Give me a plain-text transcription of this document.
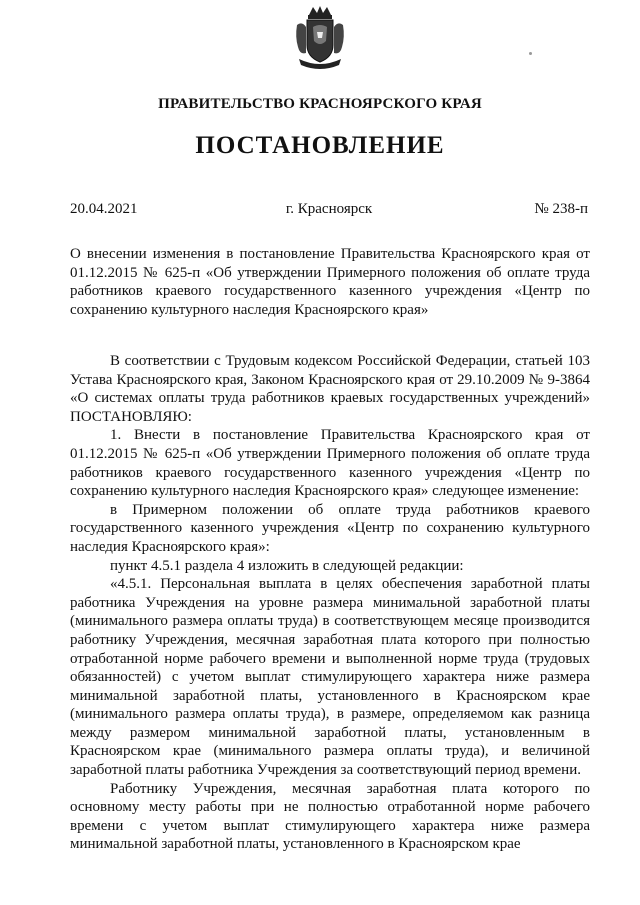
ПРАВИТЕЛЬСТВО КРАСНОЯРСКОГО КРАЯ
ПОСТАНОВЛЕНИЕ
20.04.2021	г. Красноярск	№ 238-п
О внесении изменения в постановление Правительства Красноярского края от 01.12.2015 № 625-п «Об утверждении Примерного положения об оплате труда работников краевого государственного казенного учреждения «Центр по сохранению культурного наследия Красноярского края»

В соответствии с Трудовым кодексом Российской Федерации, статьей 103 Устава Красноярского края, Законом Красноярского края от 29.10.2009 № 9-3864 «О системах оплаты труда работников краевых государственных учреждений» ПОСТАНОВЛЯЮ:

1. Внести в постановление Правительства Красноярского края от 01.12.2015 № 625-п «Об утверждении Примерного положения об оплате труда работников краевого государственного казенного учреждения «Центр по сохранению культурного наследия Красноярского края» следующее изменение:

в Примерном положении об оплате труда работников краевого государственного казенного учреждения «Центр по сохранению культурного наследия Красноярского края»:

пункт 4.5.1 раздела 4 изложить в следующей редакции:

«4.5.1. Персональная выплата в целях обеспечения заработной платы работника Учреждения на уровне размера минимальной заработной платы (минимального размера оплаты труда) в соответствующем месяце производится работнику Учреждения, месячная заработная плата которого при полностью отработанной норме рабочего времени и выполненной норме труда (трудовых обязанностей) с учетом выплат стимулирующего характера ниже размера минимальной заработной платы, установленного в Красноярском крае (минимального размера оплаты труда), в размере, определяемом как разница между размером минимальной заработной платы, установленным в Красноярском крае (минимального размера оплаты труда), и величиной заработной платы работника Учреждения за соответствующий период времени.

Работнику Учреждения, месячная заработная плата которого по основному месту работы при не полностью отработанной норме рабочего времени с учетом выплат стимулирующего характера ниже размера минимальной заработной платы, установленного в Красноярском крае
